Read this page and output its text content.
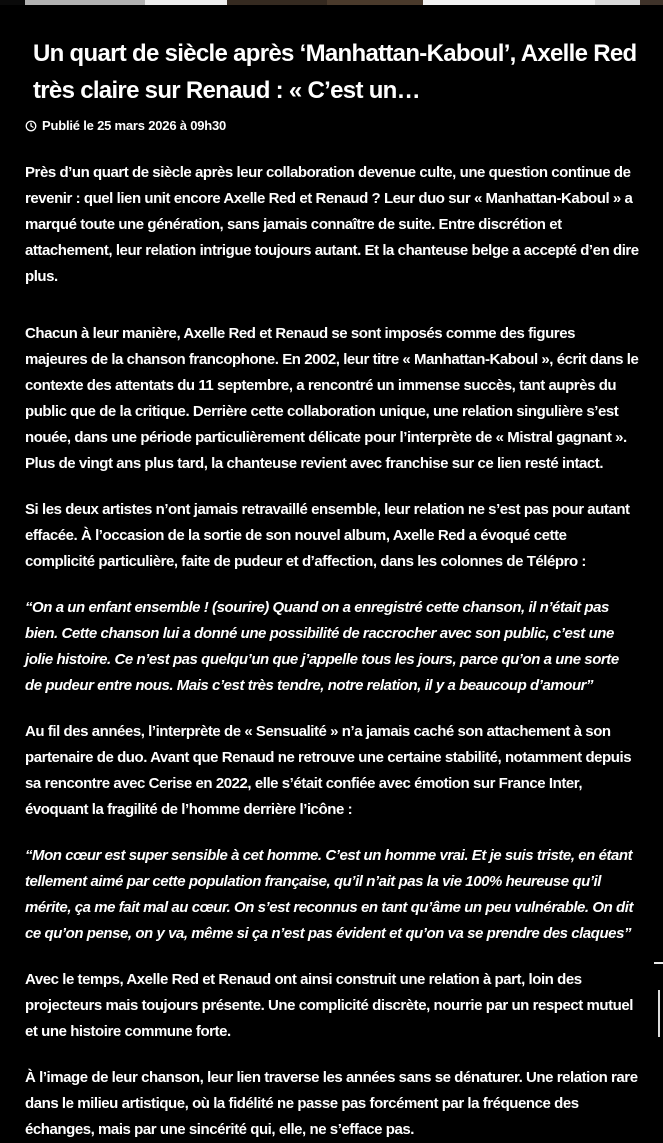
Un quart de siècle après ‘Manhattan-Kaboul’, Axelle Red très claire sur Renaud : « C’est un…
Publié le 25 mars 2026 à 09h30

Près d’un quart de siècle après leur collaboration devenue culte, une question continue de revenir : quel lien unit encore Axelle Red et Renaud ? Leur duo sur « Manhattan-Kaboul » a marqué toute une génération, sans jamais connaître de suite. Entre discrétion et attachement, leur relation intrigue toujours autant. Et la chanteuse belge a accepté d’en dire plus.

Chacun à leur manière, Axelle Red et Renaud se sont imposés comme des figures majeures de la chanson francophone. En 2002, leur titre « Manhattan-Kaboul », écrit dans le contexte des attentats du 11 septembre, a rencontré un immense succès, tant auprès du public que de la critique. Derrière cette collaboration unique, une relation singulière s’est nouée, dans une période particulièrement délicate pour l’interprète de « Mistral gagnant ». Plus de vingt ans plus tard, la chanteuse revient avec franchise sur ce lien resté intact.

Si les deux artistes n’ont jamais retravaillé ensemble, leur relation ne s’est pas pour autant effacée. À l’occasion de la sortie de son nouvel album, Axelle Red a évoqué cette complicité particulière, faite de pudeur et d’affection, dans les colonnes de Télépro :

“On a un enfant ensemble ! (sourire) Quand on a enregistré cette chanson, il n’était pas bien. Cette chanson lui a donné une possibilité de raccrocher avec son public, c’est une jolie histoire. Ce n’est pas quelqu’un que j’appelle tous les jours, parce qu’on a une sorte de pudeur entre nous. Mais c’est très tendre, notre relation, il y a beaucoup d’amour”

Au fil des années, l’interprète de « Sensualité » n’a jamais caché son attachement à son partenaire de duo. Avant que Renaud ne retrouve une certaine stabilité, notamment depuis sa rencontre avec Cerise en 2022, elle s’était confiée avec émotion sur France Inter, évoquant la fragilité de l’homme derrière l’icône :

“Mon cœur est super sensible à cet homme. C’est un homme vrai. Et je suis triste, en étant tellement aimé par cette population française, qu’il n’ait pas la vie 100% heureuse qu’il mérite, ça me fait mal au cœur. On s’est reconnus en tant qu’âme un peu vulnérable. On dit ce qu’on pense, on y va, même si ça n’est pas évident et qu’on va se prendre des claques”

Avec le temps, Axelle Red et Renaud ont ainsi construit une relation à part, loin des projecteurs mais toujours présente. Une complicité discrète, nourrie par un respect mutuel et une histoire commune forte.

À l’image de leur chanson, leur lien traverse les années sans se dénaturer. Une relation rare dans le milieu artistique, où la fidélité ne passe pas forcément par la fréquence des échanges, mais par une sincérité qui, elle, ne s’efface pas.
